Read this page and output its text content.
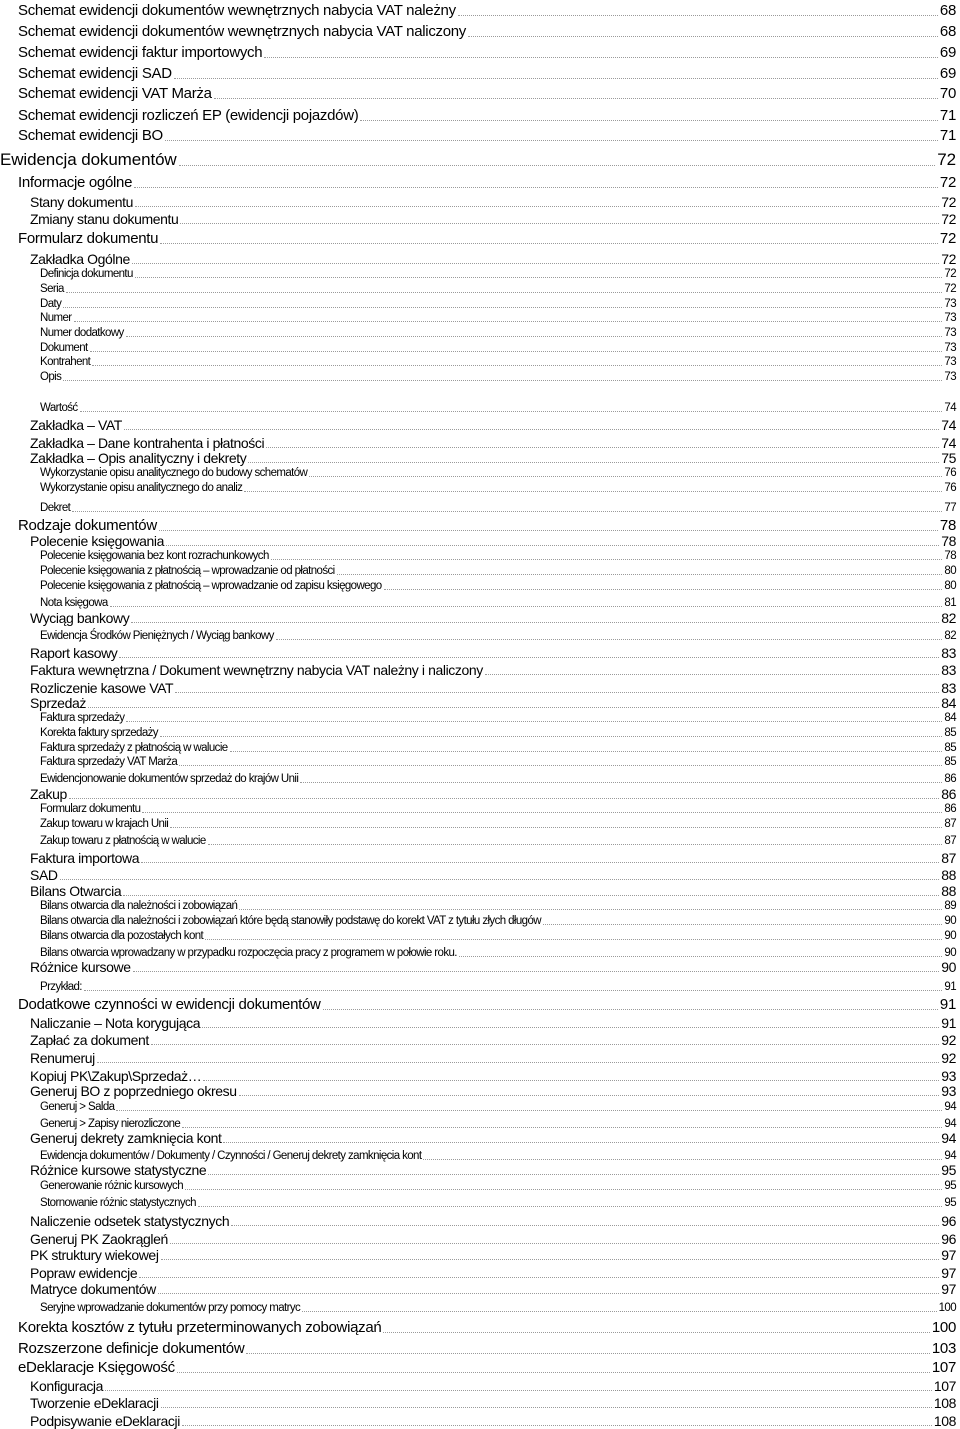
Schemat ewidencji dokumentów wewnętrznych nabycia VAT należny	68
Schemat ewidencji dokumentów wewnętrznych nabycia VAT naliczony	68
Schemat ewidencji faktur importowych	69
Schemat ewidencji SAD	69
Schemat ewidencji VAT Marża	70
Schemat ewidencji rozliczeń EP (ewidencji pojazdów)	71
Schemat ewidencji BO	71
Ewidencja dokumentów	72
Informacje ogólne	72
Stany dokumentu	72
Zmiany stanu dokumentu	72
Formularz dokumentu	72
Zakładka Ogólne	72
Definicja dokumentu	72
Seria	72
Daty	73
Numer	73
Numer dodatkowy	73
Dokument	73
Kontrahent	73
Opis	73
Wartość	74
Zakładka – VAT	74
Zakładka – Dane kontrahenta i płatności	74
Zakładka – Opis analityczny i dekrety	75
Wykorzystanie opisu analitycznego do budowy schematów	76
Wykorzystanie opisu analitycznego do analiz	76
Dekret	77
Rodzaje dokumentów	78
Polecenie księgowania	78
Polecenie księgowania bez kont rozrachunkowych	78
Polecenie księgowania z płatnością – wprowadzanie od płatności	80
Polecenie księgowania z płatnością – wprowadzanie od zapisu księgowego	80
Nota księgowa	81
Wyciąg bankowy	82
Ewidencja Środków Pieniężnych / Wyciąg bankowy	82
Raport kasowy	83
Faktura wewnętrzna / Dokument wewnętrzny nabycia VAT należny i naliczony	83
Rozliczenie kasowe VAT	83
Sprzedaż	84
Faktura sprzedaży	84
Korekta faktury sprzedaży	85
Faktura sprzedaży z płatnością w walucie	85
Faktura sprzedaży VAT Marża	85
Ewidencjonowanie dokumentów sprzedaż do krajów Unii	86
Zakup	86
Formularz dokumentu	86
Zakup towaru w krajach Unii	87
Zakup towaru z płatnością w walucie	87
Faktura importowa	87
SAD	88
Bilans Otwarcia	88
Bilans otwarcia dla należności i zobowiązań	89
Bilans otwarcia dla należności i zobowiązań które będą stanowiły podstawę do korekt VAT z tytułu złych długów	90
Bilans otwarcia dla pozostałych kont	90
Bilans otwarcia wprowadzany w przypadku rozpoczęcia pracy z programem w połowie roku.	90
Różnice kursowe	90
Przykład:	91
Dodatkowe czynności w ewidencji dokumentów	91
Naliczanie – Nota korygująca	91
Zapłać za dokument	92
Renumeruj	92
Kopiuj PK\Zakup\Sprzedaż…	93
Generuj BO z poprzedniego okresu	93
Generuj > Salda	94
Generuj > Zapisy nierozliczone	94
Generuj dekrety zamknięcia kont	94
Ewidencja dokumentów / Dokumenty / Czynności / Generuj dekrety zamknięcia kont	94
Różnice kursowe statystyczne	95
Generowanie różnic kursowych	95
Stornowanie różnic statystycznych	95
Naliczenie odsetek statystycznych	96
Generuj PK Zaokrągleń	96
PK struktury wiekowej	97
Popraw ewidencje	97
Matryce dokumentów	97
Seryjne wprowadzanie dokumentów przy pomocy matryc	100
Korekta kosztów z tytułu przeterminowanych zobowiązań	100
Rozszerzone definicje dokumentów	103
eDeklaracje Księgowość	107
Konfiguracja	107
Tworzenie eDeklaracji	108
Podpisywanie eDeklaracji	108
